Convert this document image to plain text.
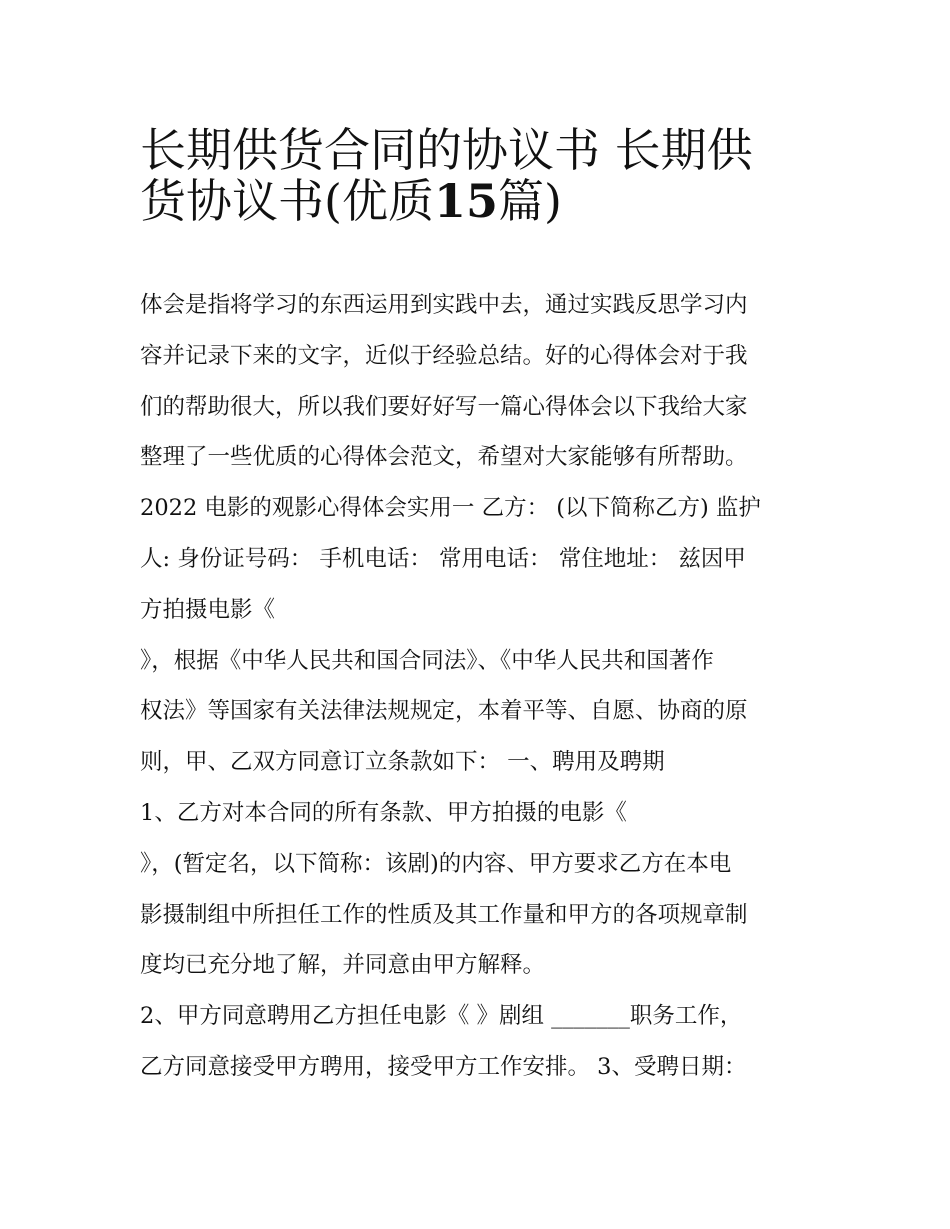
长期供货合同的协议书 长期供
货协议书(优质15篇)
体会是指将学习的东西运用到实践中去，通过实践反思学习内
容并记录下来的文字，近似于经验总结。好的心得体会对于我
们的帮助很大，所以我们要好好写一篇心得体会以下我给大家
整理了一些优质的心得体会范文，希望对大家能够有所帮助。
2022 电影的观影心得体会实用一 乙方： (以下简称乙方) 监护
人: 身份证号码： 手机电话： 常用电话： 常住地址： 兹因甲
方拍摄电影《
》，根据《中华人民共和国合同法》、《中华人民共和国著作
权法》等国家有关法律法规规定，本着平等、自愿、协商的原
则，甲、乙双方同意订立条款如下： 一、聘用及聘期
1、乙方对本合同的所有条款、甲方拍摄的电影《
》，(暂定名，以下简称：该剧)的内容、甲方要求乙方在本电
影摄制组中所担任工作的性质及其工作量和甲方的各项规章制
度均已充分地了解，并同意由甲方解释。
2、甲方同意聘用乙方担任电影《 》剧组 _______职务工作，
乙方同意接受甲方聘用，接受甲方工作安排。 3、受聘日期：
